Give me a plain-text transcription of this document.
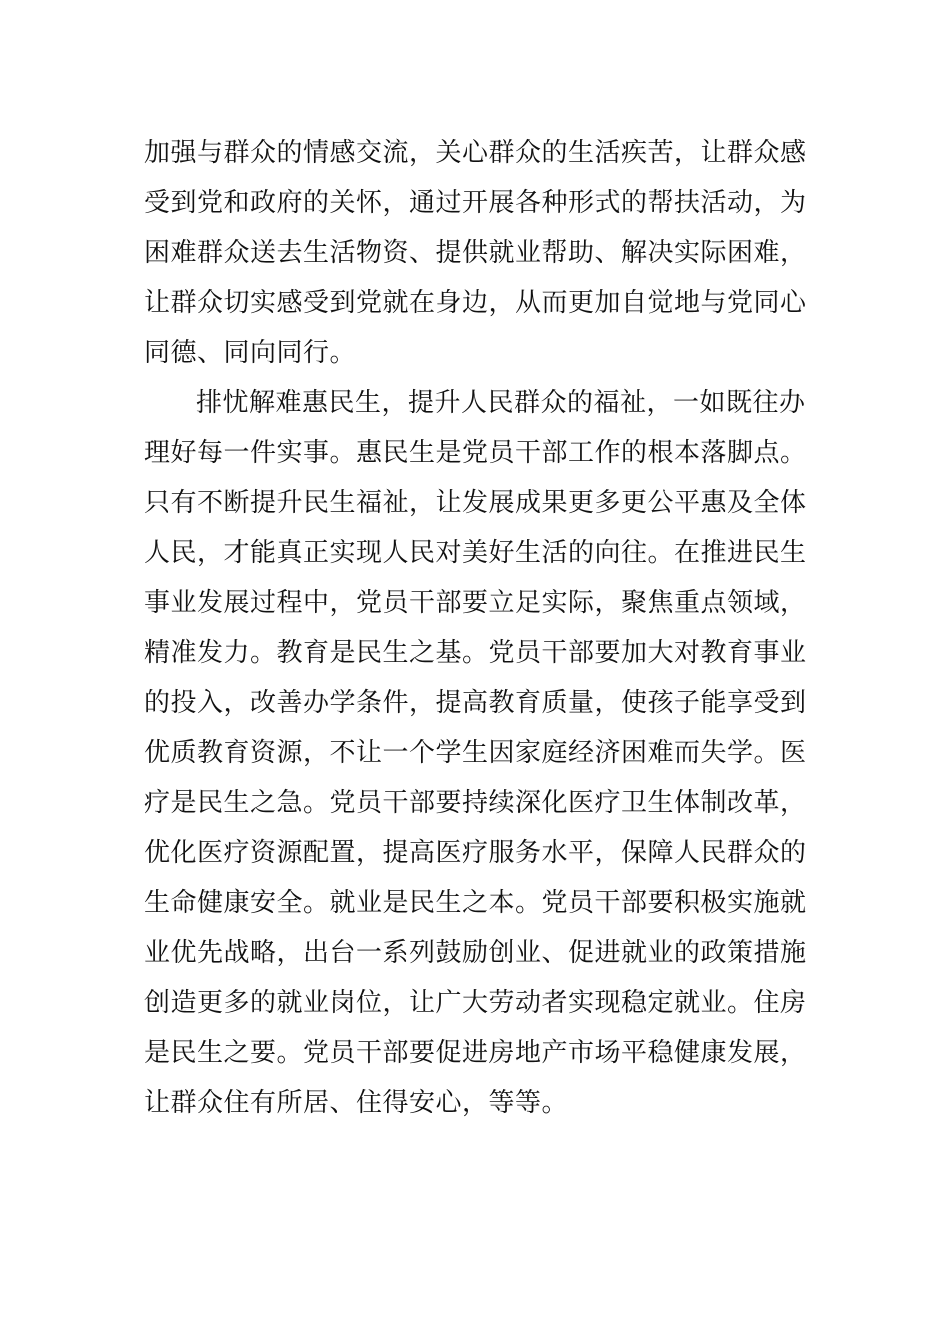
加强与群众的情感交流，关心群众的生活疾苦，让群众感
受到党和政府的关怀，通过开展各种形式的帮扶活动，为
困难群众送去生活物资、提供就业帮助、解决实际困难，
让群众切实感受到党就在身边，从而更加自觉地与党同心
同德、同向同行。
排忧解难惠民生，提升人民群众的福祉，一如既往办
理好每一件实事。惠民生是党员干部工作的根本落脚点。
只有不断提升民生福祉，让发展成果更多更公平惠及全体
人民，才能真正实现人民对美好生活的向往。在推进民生
事业发展过程中，党员干部要立足实际，聚焦重点领域，
精准发力。教育是民生之基。党员干部要加大对教育事业
的投入，改善办学条件，提高教育质量，使孩子能享受到
优质教育资源，不让一个学生因家庭经济困难而失学。医
疗是民生之急。党员干部要持续深化医疗卫生体制改革，
优化医疗资源配置，提高医疗服务水平，保障人民群众的
生命健康安全。就业是民生之本。党员干部要积极实施就
业优先战略，出台一系列鼓励创业、促进就业的政策措施
创造更多的就业岗位，让广大劳动者实现稳定就业。住房
是民生之要。党员干部要促进房地产市场平稳健康发展，
让群众住有所居、住得安心，等等。
